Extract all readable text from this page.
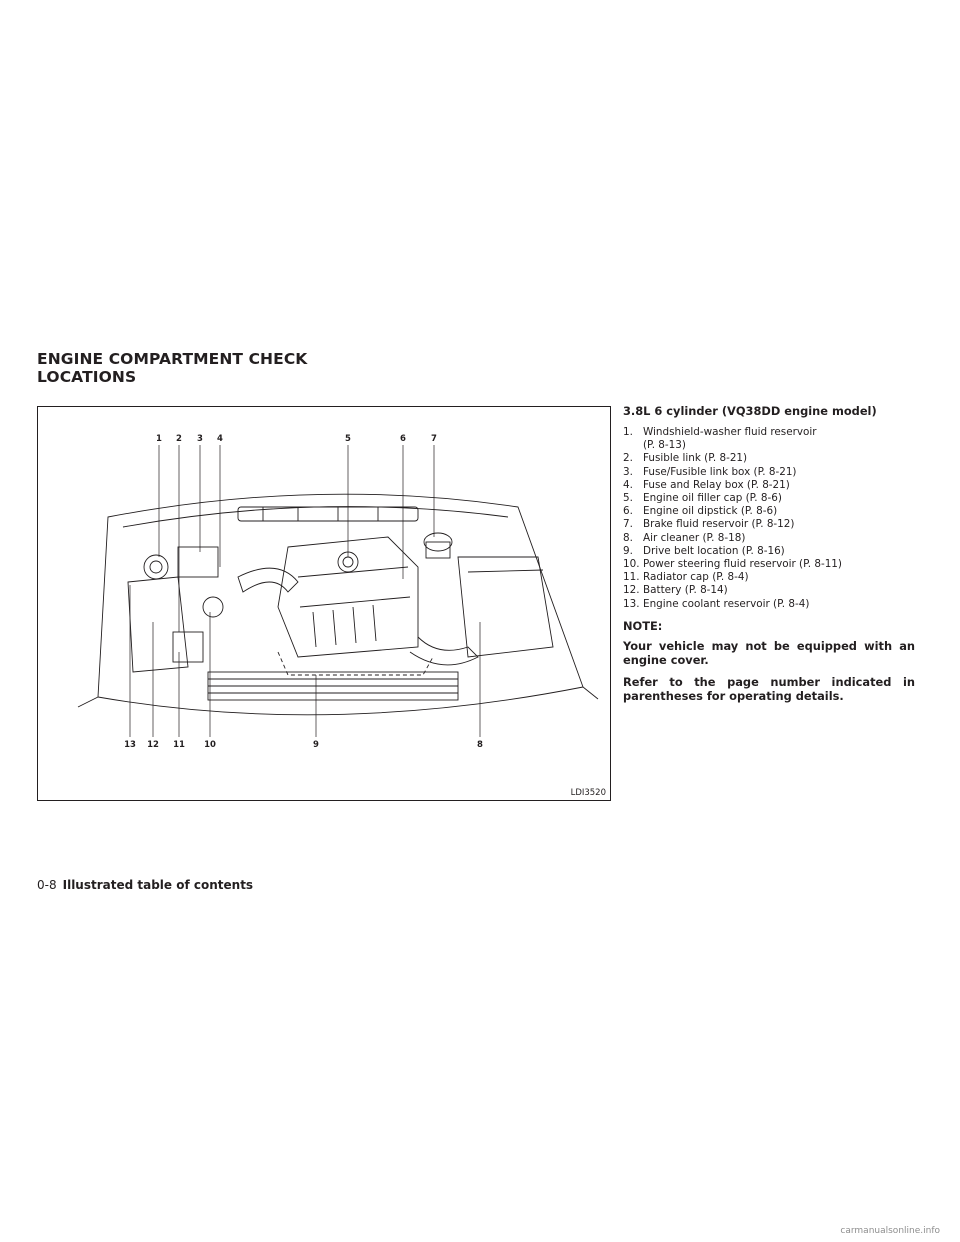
ENGINE COMPARTMENT CHECK
LOCATIONS
1 2 3 4	5	6	7
8
9
10
11
12
13
LDI3520
3.8L 6 cylinder (VQ38DD engine model)
1. Windshield-washer fluid reservoir
(P. 8-13)
2. Fusible link (P. 8-21)
3. Fuse/Fusible link box (P. 8-21)
4. Fuse and Relay box (P. 8-21)
5. Engine oil filler cap (P. 8-6)
6. Engine oil dipstick (P. 8-6)
7. Brake fluid reservoir (P. 8-12)
8. Air cleaner (P. 8-18)
9. Drive belt location (P. 8-16)
10. Power steering fluid reservoir (P. 8-11)
11. Radiator cap (P. 8-4)
12. Battery (P. 8-14)
13. Engine coolant reservoir (P. 8-4)
NOTE:

Your vehicle may not be equipped with an engine cover.

Refer to the page number indicated in parentheses for operating details.

0-8 Illustrated table of contents
carmanualsonline.info
